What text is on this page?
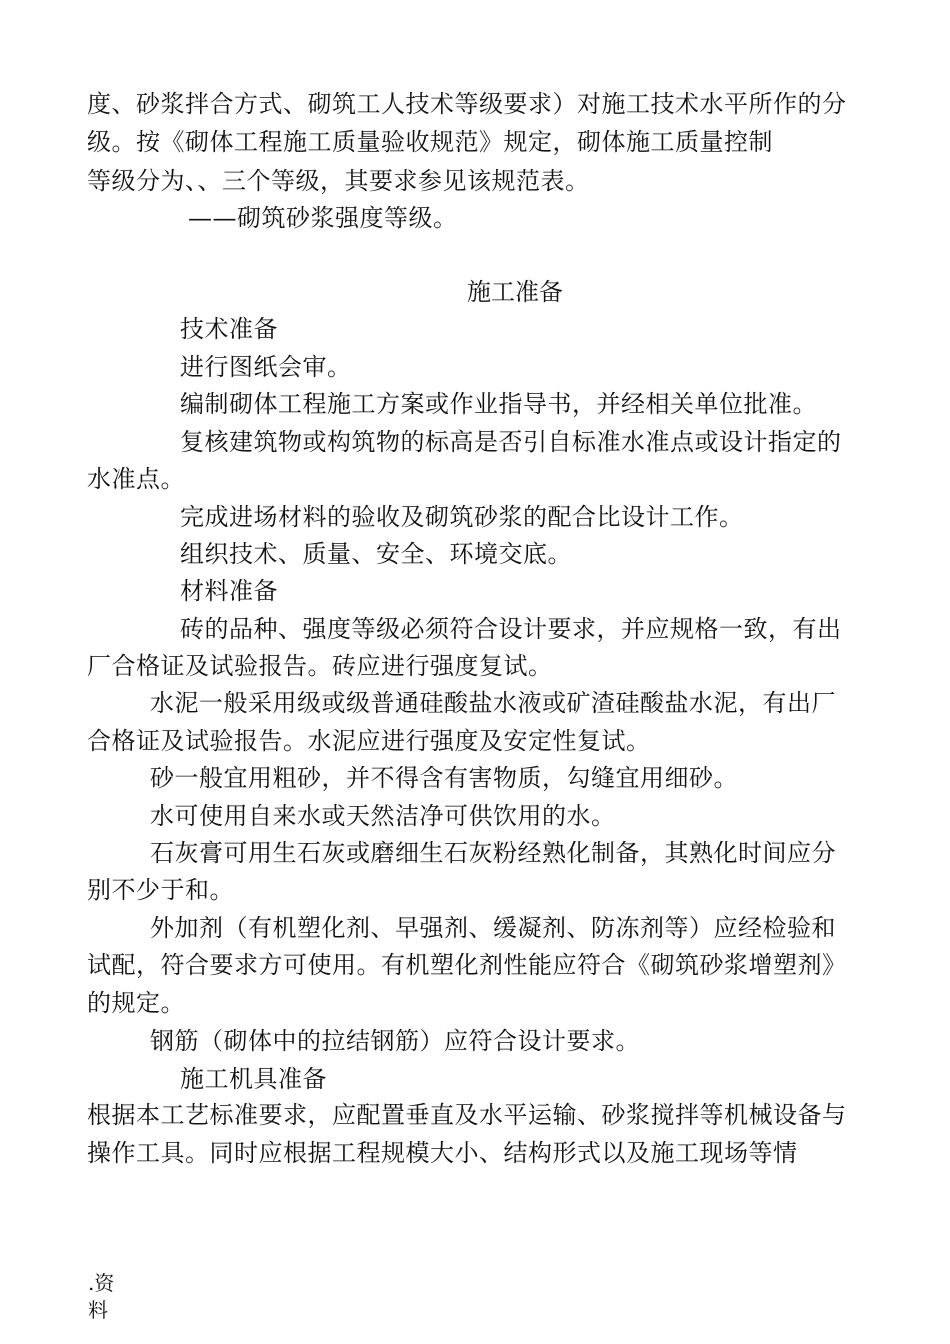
度、砂浆拌合方式、砌筑工人技术等级要求）对施工技术水平所作的分
级。按《砌体工程施工质量验收规范》规定，砌体施工质量控制
等级分为、、三个等级，其要求参见该规范表。
——砌筑砂浆强度等级。
施工准备
技术准备
进行图纸会审。
编制砌体工程施工方案或作业指导书，并经相关单位批准。
复核建筑物或构筑物的标高是否引自标准水准点或设计指定的
水准点。
完成进场材料的验收及砌筑砂浆的配合比设计工作。
组织技术、质量、安全、环境交底。
材料准备
砖的品种、强度等级必须符合设计要求，并应规格一致，有出
厂合格证及试验报告。砖应进行强度复试。
水泥一般采用级或级普通硅酸盐水液或矿渣硅酸盐水泥，有出厂
合格证及试验报告。水泥应进行强度及安定性复试。
砂一般宜用粗砂，并不得含有害物质，勾缝宜用细砂。
水可使用自来水或天然洁净可供饮用的水。
石灰膏可用生石灰或磨细生石灰粉经熟化制备，其熟化时间应分
别不少于和。
外加剂（有机塑化剂、早强剂、缓凝剂、防冻剂等）应经检验和
试配，符合要求方可使用。有机塑化剂性能应符合《砌筑砂浆增塑剂》
的规定。
钢筋（砌体中的拉结钢筋）应符合设计要求。
施工机具准备
根据本工艺标准要求，应配置垂直及水平运输、砂浆搅拌等机械设备与
操作工具。同时应根据工程规模大小、结构形式以及施工现场等情
.资
料
